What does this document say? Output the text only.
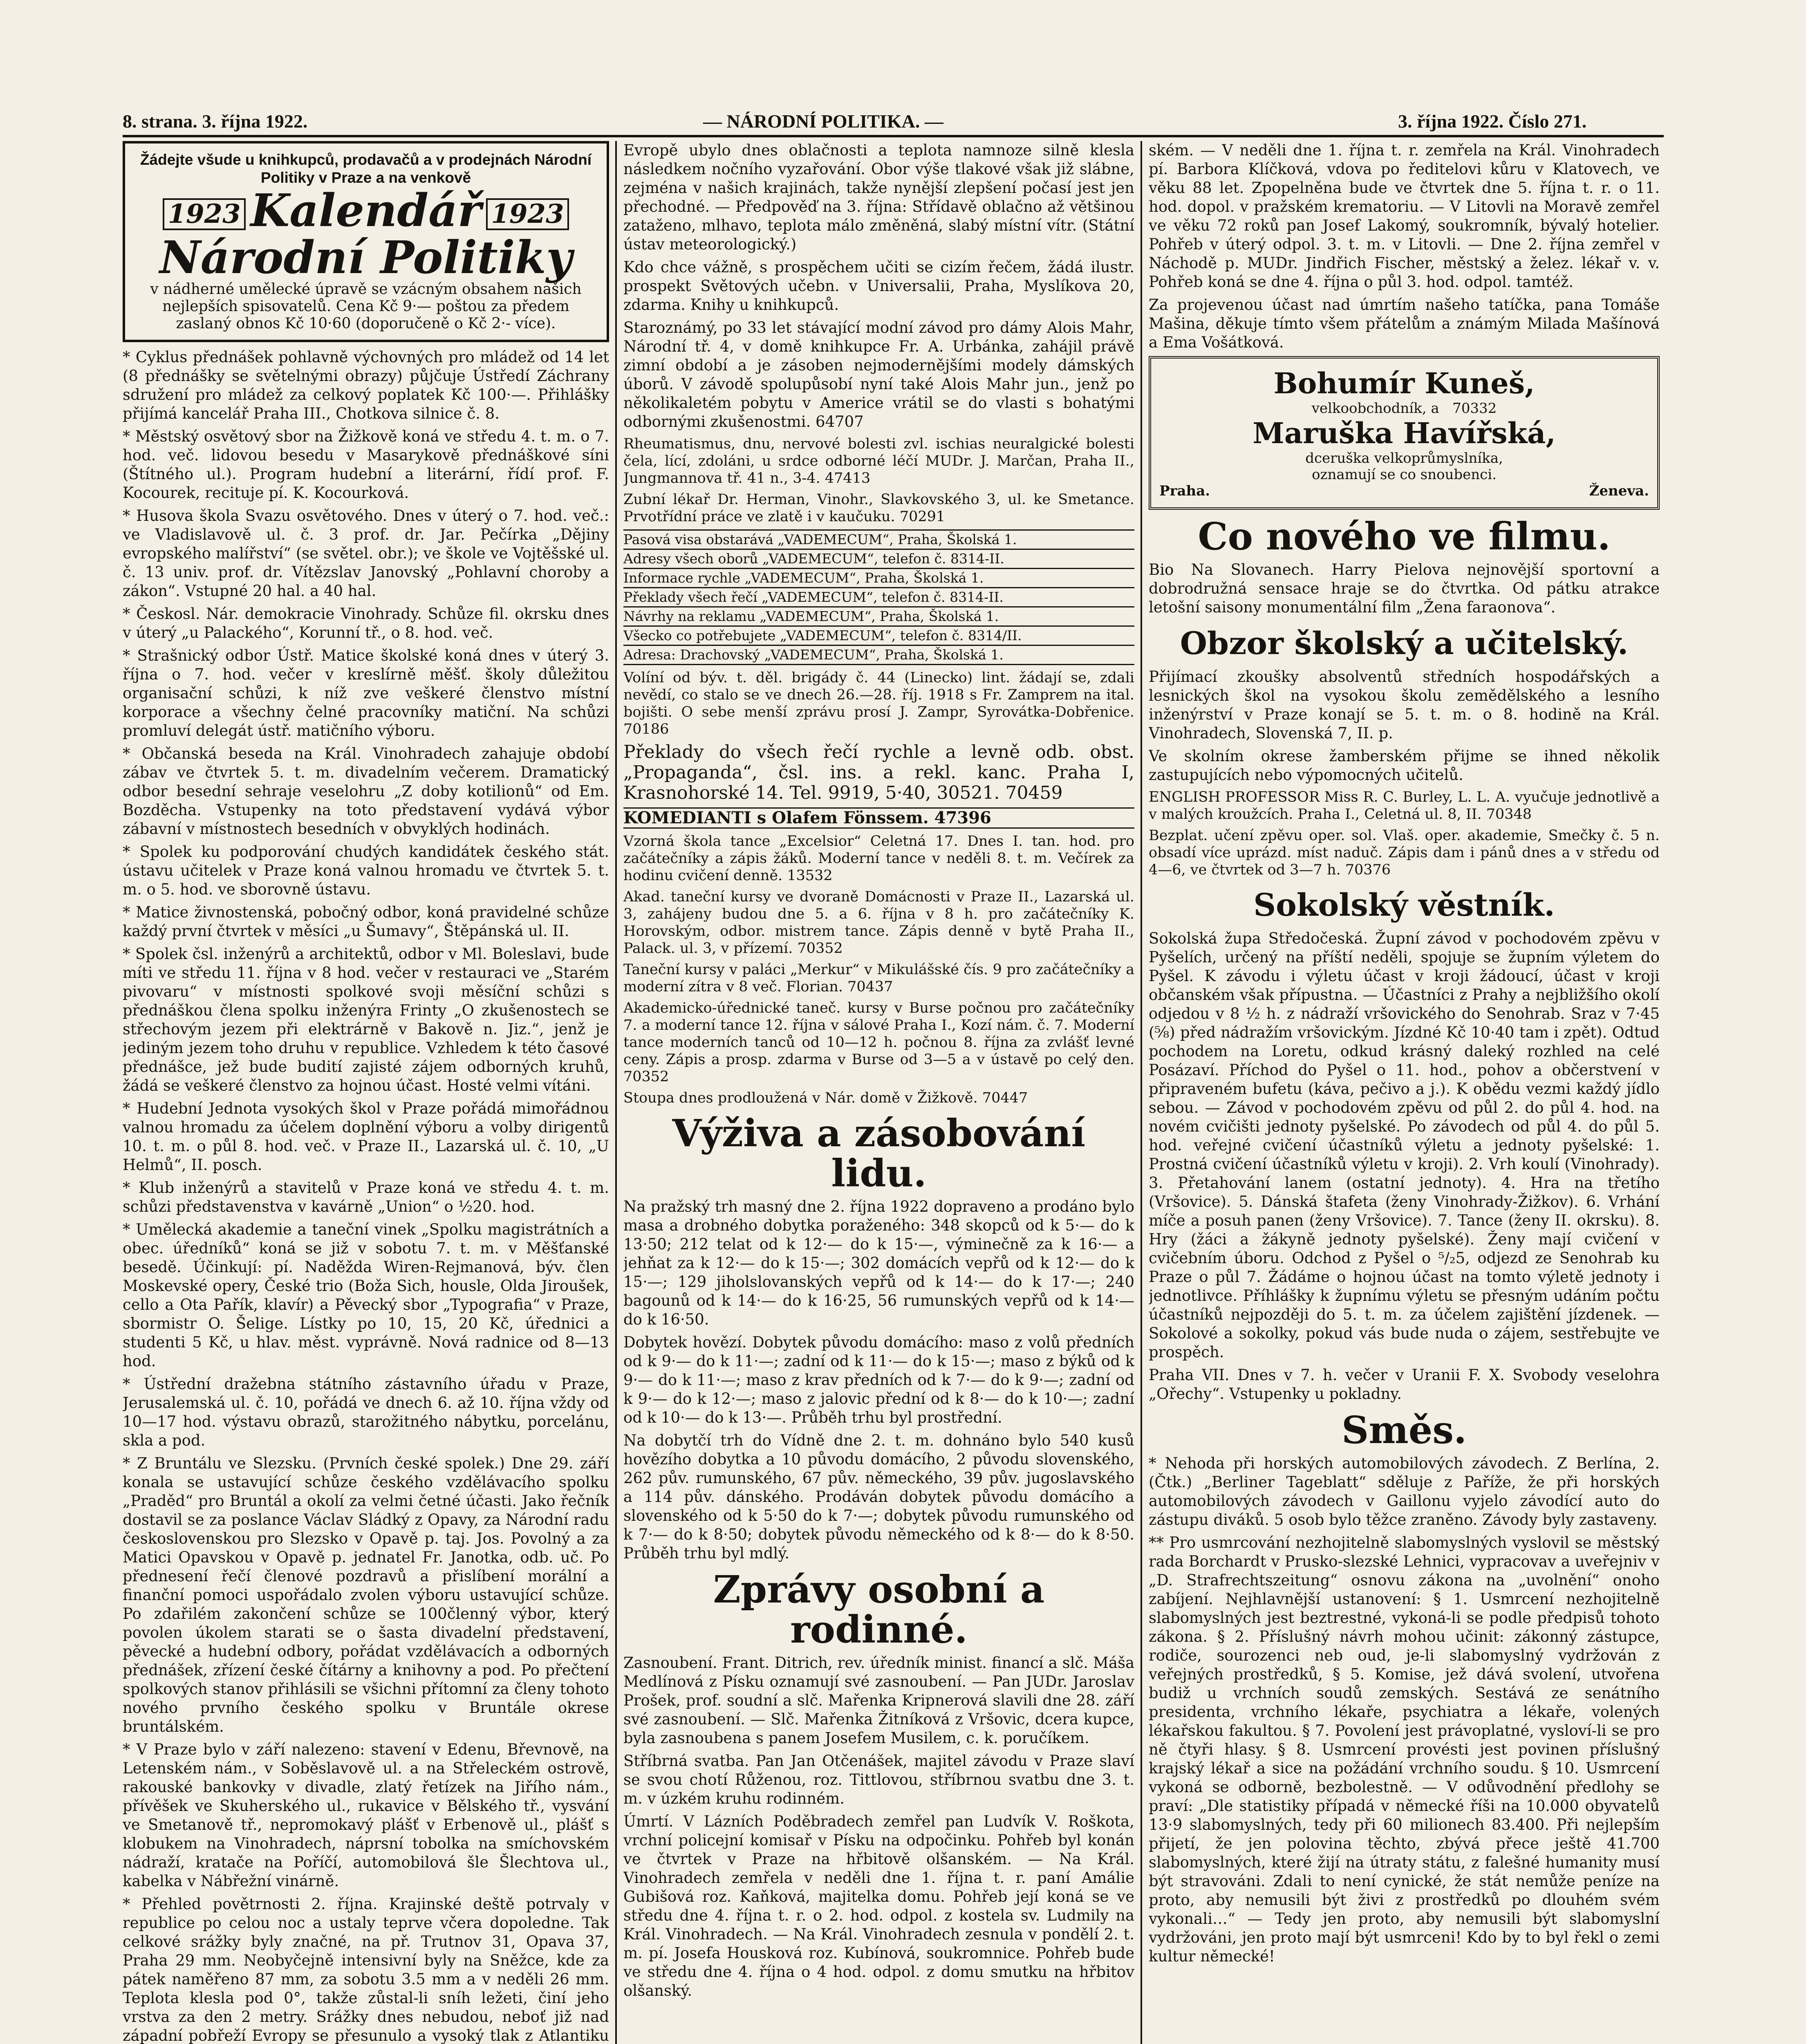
8. strana. 3. října 1922.	— NÁRODNÍ POLITIKA. —	3. října 1922. Číslo 271.
Žádejte všude u knihkupců, prodavačů a v prodejnách Národní Politiky v Praze a na venkově
1923 Kalendář 1923
Národní Politiky
v nádherné umělecké úpravě se vzácným obsahem našich nejlepších spisovatelů. Cena Kč 9·— poštou za předem zaslaný obnos Kč 10·60 (doporučeně o Kč 2·- více).

* Cyklus přednášek pohlavně výchovných pro mládež od 14 let (8 přednášky se světelnými obrazy) půjčuje Ústředí Záchrany sdružení pro mládež za celkový poplatek Kč 100·—. Přihlášky přijímá kancelář Praha III., Chotkova silnice č. 8.

* Městský osvětový sbor na Žižkově koná ve středu 4. t. m. o 7. hod. več. lidovou besedu v Masarykově přednáškové síni (Štítného ul.). Program hudební a literární, řídí prof. F. Kocourek, recituje pí. K. Kocourková.

* Husova škola Svazu osvětového. Dnes v úterý o 7. hod. več.: ve Vladislavově ul. č. 3 prof. dr. Jar. Pečírka „Dějiny evropského malířství“ (se světel. obr.); ve škole ve Vojtěšské ul. č. 13 univ. prof. dr. Vítězslav Janovský „Pohlavní choroby a zákon“. Vstupné 20 hal. a 40 hal.

* Českosl. Nár. demokracie Vinohrady. Schůze fil. okrsku dnes v úterý „u Palackého“, Korunní tř., o 8. hod. več.

* Strašnický odbor Ústř. Matice školské koná dnes v úterý 3. října o 7. hod. večer v kreslírně měšť. školy důležitou organisační schůzi, k níž zve veškeré členstvo místní korporace a všechny čelné pracovníky matiční. Na schůzi promluví delegát ústř. matičního výboru.

* Občanská beseda na Král. Vinohradech zahajuje období zábav ve čtvrtek 5. t. m. divadelním večerem. Dramatický odbor besední sehraje veselohru „Z doby kotilionů“ od Em. Bozděcha. Vstupenky na toto představení vydává výbor zábavní v místnostech besedních v obvyklých hodinách.

* Spolek ku podporování chudých kandidátek českého stát. ústavu učitelek v Praze koná valnou hromadu ve čtvrtek 5. t. m. o 5. hod. ve sborovně ústavu.

* Matice živnostenská, pobočný odbor, koná pravidelné schůze každý první čtvrtek v měsíci „u Šumavy“, Štěpánská ul. II.

* Spolek čsl. inženýrů a architektů, odbor v Ml. Boleslavi, bude míti ve středu 11. října v 8 hod. večer v restauraci ve „Starém pivovaru“ v místnosti spolkové svoji měsíční schůzi s přednáškou člena spolku inženýra Frinty „O zkušenostech se střechovým jezem při elektrárně v Bakově n. Jiz.“, jenž je jediným jezem toho druhu v republice. Vzhledem k této časové přednášce, jež bude budití zajisté zájem odborných kruhů, žádá se veškeré členstvo za hojnou účast. Hosté velmi vítáni.

* Hudební Jednota vysokých škol v Praze pořádá mimořádnou valnou hromadu za účelem doplnění výboru a volby dirigentů 10. t. m. o půl 8. hod. več. v Praze II., Lazarská ul. č. 10, „U Helmů“, II. posch.

* Klub inženýrů a stavitelů v Praze koná ve středu 4. t. m. schůzi představenstva v kavárně „Union“ o ½20. hod.

* Umělecká akademie a taneční vinek „Spolku magistrátních a obec. úředníků“ koná se již v sobotu 7. t. m. v Měšťanské besedě. Účinkují: pí. Naděžda Wiren-Rejmanová, býv. člen Moskevské opery, České trio (Boža Sich, housle, Olda Jiroušek, cello a Ota Pařík, klavír) a Pěvecký sbor „Typografia“ v Praze, sbormistr O. Šelige. Lístky po 10, 15, 20 Kč, úřednici a studenti 5 Kč, u hlav. měst. vyprávně. Nová radnice od 8—13 hod.

* Ústřední dražebna státního zástavního úřadu v Praze, Jerusalemská ul. č. 10, pořádá ve dnech 6. až 10. října vždy od 10—17 hod. výstavu obrazů, starožitného nábytku, porcelánu, skla a pod.

* Z Bruntálu ve Slezsku. (Prvních české spolek.) Dne 29. září konala se ustavující schůze českého vzdělávacího spolku „Praděd“ pro Bruntál a okolí za velmi četné účasti. Jako řečník dostavil se za poslance Václav Sládký z Opavy, za Národní radu československou pro Slezsko v Opavě p. taj. Jos. Povolný a za Matici Opavskou v Opavě p. jednatel Fr. Janotka, odb. uč. Po přednesení řečí členové pozdravů a přislíbení morální a finanční pomoci uspořádalo zvolen výboru ustavující schůze. Po zdařilém zakončení schůze se 100členný výbor, který povolen úkolem starati se o šasta divadelní představení, pěvecké a hudební odbory, pořádat vzdělávacích a odborných přednášek, zřízení české čítárny a knihovny a pod. Po přečtení spolkových stanov přihlásili se všichni přítomní za členy tohoto nového prvního českého spolku v Bruntále okrese bruntálském.

* V Praze bylo v září nalezeno: stavení v Edenu, Břevnově, na Letenském nám., v Soběslavově ul. a na Střeleckém ostrově, rakouské bankovky v divadle, zlatý řetízek na Jiřího nám., přívěšek ve Skuherského ul., rukavice v Bělského tř., vysvání ve Smetanově tř., nepromokavý plášť v Erbenově ul., plášť s klobukem na Vinohradech, náprsní tobolka na smíchovském nádraží, kratače na Poříčí, automobilová šle Šlechtova ul., kabelka v Nábřežní vinárně.

* Přehled povětrnosti 2. října. Krajinské deště potrvaly v republice po celou noc a ustaly teprve včera dopoledne. Tak celkové srážky byly značné, na př. Trutnov 31, Opava 37, Praha 29 mm. Neobyčejně intensivní byly na Sněžce, kde za pátek naměřeno 87 mm, za sobotu 3.5 mm a v neděli 26 mm. Teplota klesla pod 0°, takže zůstal-li sníh ležeti, činí jeho vrstva za den 2 metry. Srážky dnes nebudou, neboť již nad západní pobřeží Evropy se přesunulo a vysoký tlak z Atlantiku

Evropě ubylo dnes oblačnosti a teplota namnoze silně klesla následkem nočního vyzařování. Obor výše tlakové však již slábne, zejména v našich krajinách, takže nynější zlepšení počasí jest jen přechodné. — Předpověď na 3. října: Střídavě oblačno až většinou zataženo, mlhavo, teplota málo změněná, slabý místní vítr. (Státní ústav meteorologický.)

Kdo chce vážně, s prospěchem učiti se cizím řečem, žádá ilustr. prospekt Světových učebn. v Universalii, Praha, Myslíkova 20, zdarma. Knihy u knihkupců.

Staroznámý, po 33 let stávající modní závod pro dámy Alois Mahr, Národní tř. 4, v domě knihkupce Fr. A. Urbánka, zahájil právě zimní období a je zásoben nejmodernějšími modely dámských úborů. V závodě spolupůsobí nyní také Alois Mahr jun., jenž po několikaletém pobytu v Americe vrátil se do vlasti s bohatými odbornými zkušenostmi. 64707

Rheumatismus, dnu, nervové bolesti zvl. ischias neuralgické bolesti čela, lící, zdoláni, u srdce odborné léčí MUDr. J. Marčan, Praha II., Jungmannova tř. 41 n., 3-4. 47413

Zubní lékař Dr. Herman, Vinohr., Slavkovského 3, ul. ke Smetance. Prvotřídní práce ve zlatě i v kaučuku. 70291

Pasová visa obstarává „VADEMECUM“, Praha, Školská 1.
Adresy všech oborů „VADEMECUM“, telefon č. 8314-II.
Informace rychle „VADEMECUM“, Praha, Školská 1.
Překlady všech řečí „VADEMECUM“, telefon č. 8314-II.
Návrhy na reklamu „VADEMECUM“, Praha, Školská 1.
Všecko co potřebujete „VADEMECUM“, telefon č. 8314/II.
Adresa: Drachovský „VADEMECUM“, Praha, Školská 1.

Volíní od býv. t. děl. brigády č. 44 (Linecko) lint. žádají se, zdali nevědí, co stalo se ve dnech 26.—28. říj. 1918 s Fr. Zamprem na ital. bojišti. O sebe menší zprávu prosí J. Zampr, Syrovátka-Dobřenice. 70186

Překlady do všech řečí rychle a levně odb. obst. „Propaganda“, čsl. ins. a rekl. kanc. Praha I, Krasnohorské 14. Tel. 9919, 5·40, 30521. 70459

KOMEDIANTI s Olafem Fönssem. 47396

Vzorná škola tance „Excelsior“ Celetná 17. Dnes I. tan. hod. pro začátečníky a zápis žáků. Moderní tance v neděli 8. t. m. Večírek za hodinu cvičení denně. 13532

Akad. taneční kursy ve dvoraně Domácnosti v Praze II., Lazarská ul. 3, zahájeny budou dne 5. a 6. října v 8 h. pro začátečníky K. Horovským, odbor. mistrem tance. Zápis denně v bytě Praha II., Palack. ul. 3, v přízemí. 70352

Taneční kursy v paláci „Merkur“ v Mikulášské čís. 9 pro začátečníky a moderní zítra v 8 več. Florian. 70437

Akademicko-úřednické taneč. kursy v Burse počnou pro začátečníky 7. a moderní tance 12. října v sálové Praha I., Kozí nám. č. 7. Moderní tance moderních tanců od 10—12 h. počnou 8. října za zvlášť levné ceny. Zápis a prosp. zdarma v Burse od 3—5 a v ústavě po celý den. 70352

Stoupa dnes prodloužená v Nár. domě v Žižkově. 70447

Výživa a zásobování lidu.

Na pražský trh masný dne 2. října 1922 dopraveno a prodáno bylo masa a drobného dobytka poraženého: 348 skopců od k 5·— do k 13·50; 212 telat od k 12·— do k 15·—, výminečně za k 16·— a jehňat za k 12·— do k 15·—; 302 domácích vepřů od k 12·— do k 15·—; 129 jiholslovanských vepřů od k 14·— do k 17·—; 240 bagounů od k 14·— do k 16·25, 56 rumunských vepřů od k 14·— do k 16·50.

Dobytek hovězí. Dobytek původu domácího: maso z volů předních od k 9·— do k 11·—; zadní od k 11·— do k 15·—; maso z býků od k 9·— do k 11·—; maso z krav předních od k 7·— do k 9·—; zadní od k 9·— do k 12·—; maso z jalovic přední od k 8·— do k 10·—; zadní od k 10·— do k 13·—. Průběh trhu byl prostřední.

Na dobytčí trh do Vídně dne 2. t. m. dohnáno bylo 540 kusů hovězího dobytka a 10 původu domácího, 2 původu slovenského, 262 pův. rumunského, 67 pův. německého, 39 pův. jugoslavského a 114 pův. dánského. Prodáván dobytek původu domácího a slovenského od k 5·50 do k 7·—; dobytek původu rumunského od k 7·— do k 8·50; dobytek původu německého od k 8·— do k 8·50. Průběh trhu byl mdlý.

Zprávy osobní a rodinné.

Zasnoubení. Frant. Ditrich, rev. úředník minist. financí a slč. Máša Medlínová z Písku oznamují své zasnoubení. — Pan JUDr. Jaroslav Prošek, prof. soudní a slč. Mařenka Kripnerová slavili dne 28. září své zasnoubení. — Slč. Mařenka Žitníková z Vršovic, dcera kupce, byla zasnoubena s panem Josefem Musilem, c. k. poručíkem.

Stříbrná svatba. Pan Jan Otčenášek, majitel závodu v Praze slaví se svou chotí Růženou, roz. Tittlovou, stříbrnou svatbu dne 3. t. m. v úzkém kruhu rodinném.

Úmrtí. V Lázních Poděbradech zemřel pan Ludvík V. Roškota, vrchní policejní komisař v Písku na odpočinku. Pohřeb byl konán ve čtvrtek v Praze na hřbitově olšanském. — Na Král. Vinohradech zemřela v neděli dne 1. října t. r. paní Amálie Gubišová roz. Kaňková, majitelka domu. Pohřeb její koná se ve středu dne 4. října t. r. o 2. hod. odpol. z kostela sv. Ludmily na Král. Vinohradech. — Na Král. Vinohradech zesnula v pondělí 2. t. m. pí. Josefa Housková roz. Kubínová, soukromnice. Pohřeb bude ve středu dne 4. října o 4 hod. odpol. z domu smutku na hřbitov olšanský.

ském. — V neděli dne 1. října t. r. zemřela na Král. Vinohradech pí. Barbora Klíčková, vdova po ředitelovi kůru v Klatovech, ve věku 88 let. Zpopelněna bude ve čtvrtek dne 5. října t. r. o 11. hod. dopol. v pražském krematoriu. — V Litovli na Moravě zemřel ve věku 72 roků pan Josef Lakomý, soukromník, bývalý hotelier. Pohřeb v úterý odpol. 3. t. m. v Litovli. — Dne 2. října zemřel v Náchodě p. MUDr. Jindřich Fischer, městský a želez. lékař v. v. Pohřeb koná se dne 4. října o půl 3. hod. odpol. tamtéž.

Za projevenou účast nad úmrtím našeho tatíčka, pana Tomáše Mašina, děkuje tímto všem přátelům a známým Milada Mašínová a Ema Vošátková.

Bohumír Kuneš,
velkoobchodník, a 70332
Maruška Havířská,
dceruška velkoprůmyslníka,
oznamují se co snoubenci.
Praha.	Ženeva.
Co nového ve filmu.

Bio Na Slovanech. Harry Pielova nejnovější sportovní a dobrodružná sensace hraje se do čtvrtka. Od pátku atrakce letošní saisony monumentální film „Žena faraonova“.

Obzor školský a učitelský.

Přijímací zkoušky absolventů středních hospodářských a lesnických škol na vysokou školu zemědělského a lesního inženýrství v Praze konají se 5. t. m. o 8. hodině na Král. Vinohradech, Slovenská 7, II. p.

Ve skolním okrese žamberském přijme se ihned několik zastupujících nebo výpomocných učitelů.

ENGLISH PROFESSOR Miss R. C. Burley, L. L. A. vyučuje jednotlivě a v malých kroužcích. Praha I., Celetná ul. 8, II. 70348

Bezplat. učení zpěvu oper. sol. Vlaš. oper. akademie, Smečky č. 5 n. obsadí více uprázd. míst naduč. Zápis dam i pánů dnes a v středu od 4—6, ve čtvrtek od 3—7 h. 70376

Sokolský věstník.

Sokolská župa Středočeská. Župní závod v pochodovém zpěvu v Pyšelích, určený na příští neděli, spojuje se župním výletem do Pyšel. K závodu i výletu účast v kroji žádoucí, účast v kroji občanském však přípustna. — Účastníci z Prahy a nejbližšího okolí odjedou v 8 ½ h. z nádraží vršovického do Senohrab. Sraz v 7·45 (⅝) před nádražím vršovickým. Jízdné Kč 10·40 tam i zpět). Odtud pochodem na Loretu, odkud krásný daleký rozhled na celé Posázaví. Příchod do Pyšel o 11. hod., pohov a občerstvení v připraveném bufetu (káva, pečivo a j.). K obědu vezmi každý jídlo sebou. — Závod v pochodovém zpěvu od půl 2. do půl 4. hod. na novém cvičišti jednoty pyšelské. Po závodech od půl 4. do půl 5. hod. veřejné cvičení účastníků výletu a jednoty pyšelské: 1. Prostná cvičení účastníků výletu v kroji). 2. Vrh koulí (Vinohrady). 3. Přetahování lanem (ostatní jednoty). 4. Hra na třetího (Vršovice). 5. Dánská štafeta (ženy Vinohrady-Žižkov). 6. Vrhání míče a posuh panen (ženy Vršovice). 7. Tance (ženy II. okrsku). 8. Hry (žáci a žákyně jednoty pyšelské). Ženy mají cvičení v cvičebním úboru. Odchod z Pyšel o ⁵/₂5, odjezd ze Senohrab ku Praze o půl 7. Žádáme o hojnou účast na tomto výletě jednoty i jednotlivce. Příhlášky k župnímu výletu se přesným udáním počtu účastníků nejpozději do 5. t. m. za účelem zajištění jízdenek. — Sokolové a sokolky, pokud vás bude nuda o zájem, sestřebujte ve prospěch.

Praha VII. Dnes v 7. h. večer v Uranii F. X. Svobody veselohra „Ořechy“. Vstupenky u pokladny.

Směs.

* Nehoda při horských automobilových závodech. Z Berlína, 2. (Čtk.) „Berliner Tageblatt“ sděluje z Paříže, že při horských automobilových závodech v Gaillonu vyjelo závodící auto do zástupu diváků. 5 osob bylo těžce zraněno. Závody byly zastaveny.

** Pro usmrcování nezhojitelně slabomyslných vyslovil se městský rada Borchardt v Prusko-slezské Lehnici, vypracovav a uveřejniv v „D. Strafrechtszeitung“ osnovu zákona na „uvolnění“ onoho zabíjení. Nejhlavnější ustanovení: § 1. Usmrcení nezhojitelně slabomyslných jest beztrestné, vykoná-li se podle předpisů tohoto zákona. § 2. Příslušný návrh mohou učinit: zákonný zástupce, rodiče, sourozenci neb oud, je-li slabomyslný vydržován z veřejných prostředků, § 5. Komise, jež dává svolení, utvořena budiž u vrchních soudů zemských. Sestává ze senátního presidenta, vrchního lékaře, psychiatra a lékaře, volených lékařskou fakultou. § 7. Povolení jest právoplatné, vysloví-li se pro ně čtyři hlasy. § 8. Usmrcení provésti jest povinen příslušný krajský lékař a sice na požádání vrchního soudu. § 10. Usmrcení vykoná se odborně, bezbolestně. — V odůvodnění předlohy se praví: „Dle statistiky případá v německé říši na 10.000 obyvatelů 13·9 slabomyslných, tedy při 60 milionech 83.400. Při nejlepším přijetí, že jen polovina těchto, zbývá přece ještě 41.700 slabomyslných, které žijí na útraty státu, z falešné humanity musí být stravováni. Zdali to není cynické, že stát nemůže peníze na proto, aby nemusili být živi z prostředků po dlouhém svém vykonali…“ — Tedy jen proto, aby nemusili být slabomyslní vydržováni, jen proto mají být usmrceni! Kdo by to byl řekl o zemi kultur německé!
